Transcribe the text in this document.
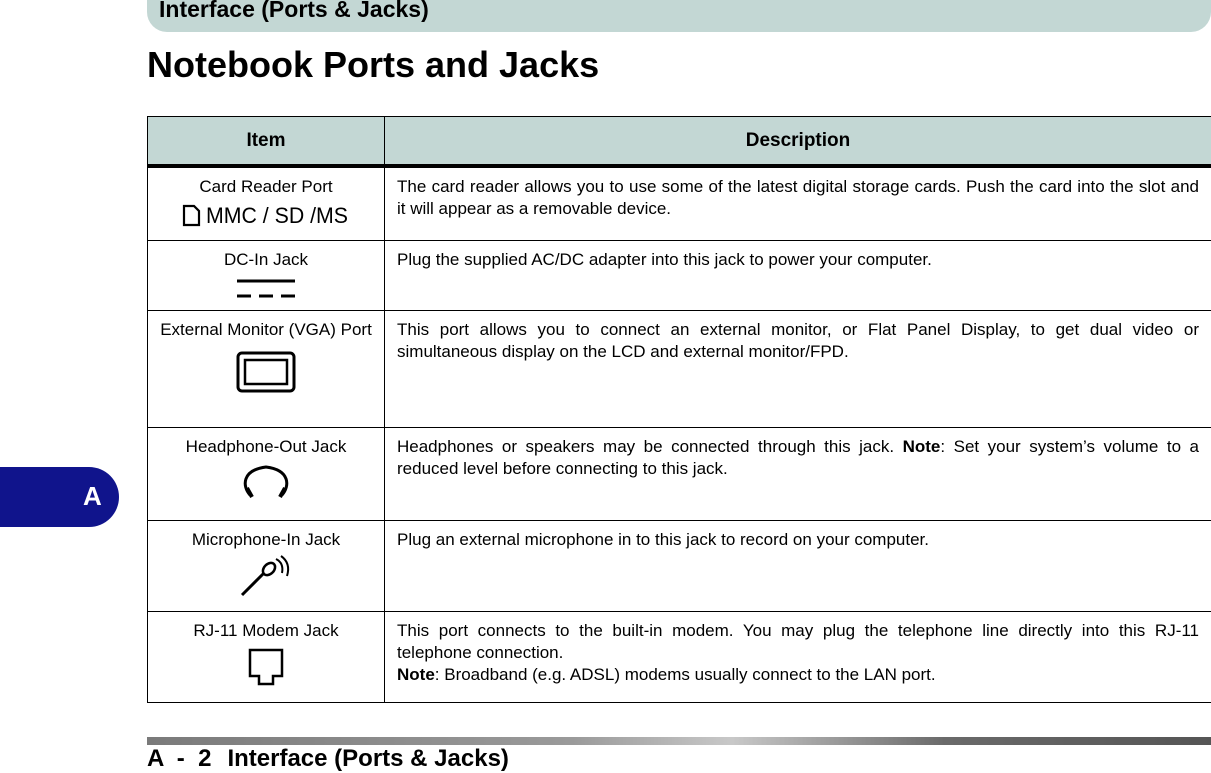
Interface (Ports & Jacks)
Notebook Ports and Jacks
A
Item	Description

Card Reader Port
MMC / SD /MS	The card reader allows you to use some of the latest digital storage cards. Push the card into the slot and it will appear as a removable device.

DC-In Jack	Plug the supplied AC/DC adapter into this jack to power your computer.

External Monitor (VGA) Port	This port allows you to connect an external monitor, or Flat Panel Display, to get dual video or simultaneous display on the LCD and external monitor/FPD.

Headphone-Out Jack	Headphones or speakers may be connected through this jack. Note: Set your system’s volume to a reduced level before connecting to this jack.

Microphone-In Jack	Plug an external microphone in to this jack to record on your computer.

RJ-11 Modem Jack	This port connects to the built-in modem. You may plug the telephone line directly into this RJ-11 telephone connection.
Note: Broadband (e.g. ADSL) modems usually connect to the LAN port.
A  -  2 Interface (Ports & Jacks)
